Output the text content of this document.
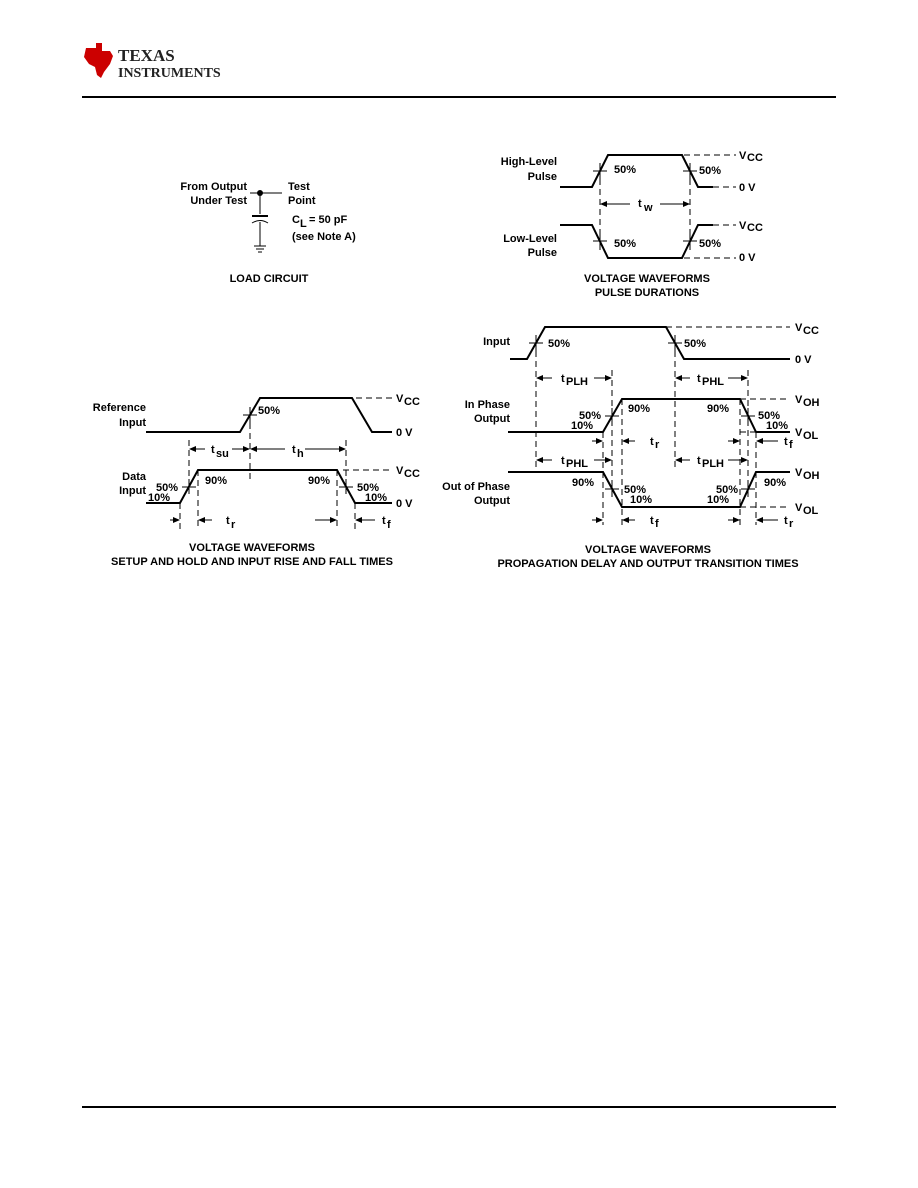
TEXAS
INSTRUMENTS
From Output
Under Test
Test
Point
C L = 50 pF
(see Note A)
LOAD CIRCUIT
High-Level
Pulse
Low-Level
Pulse
50%	50%
50%	50%
t w
V CC
0 V
V CC
0 V
VOLTAGE WAVEFORMS
PULSE DURATIONS
Reference
Input
Data
Input
50%
90%
50%
10%
90%
50%
10%
t su	t h
t r	t f
V CC
0 V
V CC
0 V
VOLTAGE WAVEFORMS
SETUP AND HOLD AND INPUT RISE AND FALL TIMES
Input
In Phase
Output
Out of Phase
Output
50%	50%
90%
50%
10%
90%
50%
10%
90%
50%
10%
50%
10%
90%
t PLH	t PHL
t r	t f
t PHL	t PLH
t f	t r
V CC
0 V
V OH
V OL
V OH
V OL
VOLTAGE WAVEFORMS
PROPAGATION DELAY AND OUTPUT TRANSITION TIMES
